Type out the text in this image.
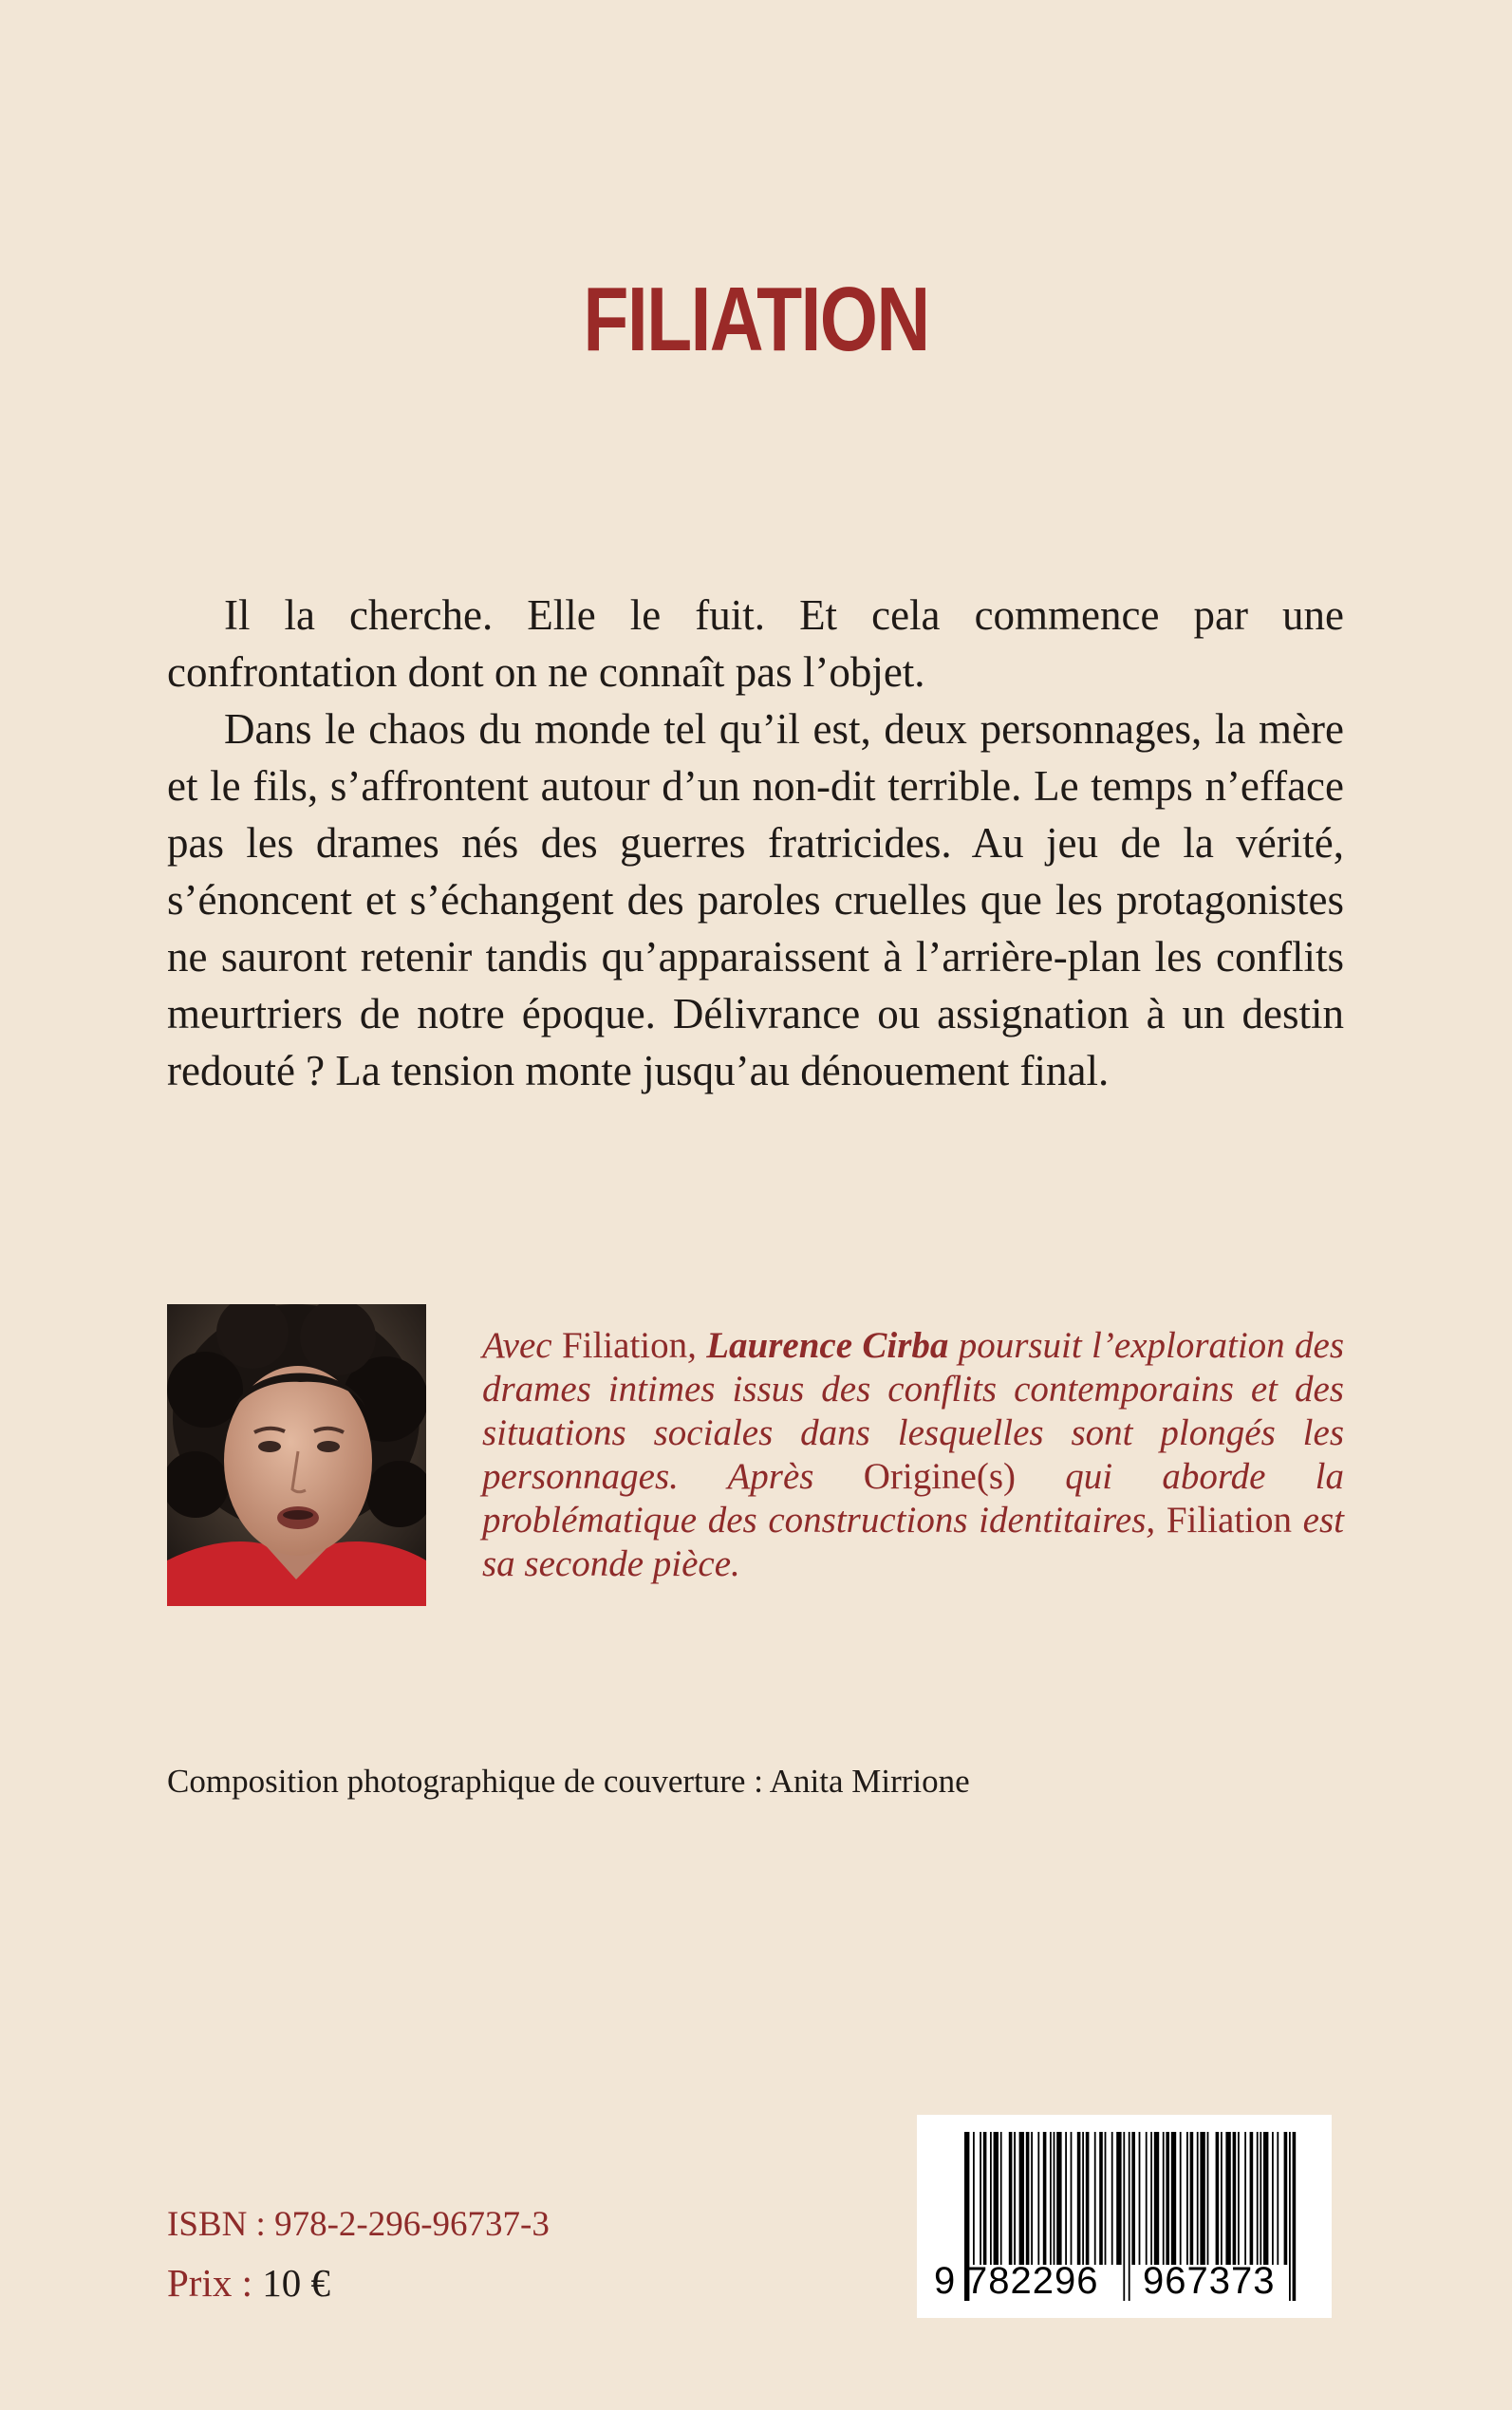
FILIATION

Il la cherche. Elle le fuit. Et cela commence par une confrontation dont on ne connaît pas l’objet.

Dans le chaos du monde tel qu’il est, deux personnages, la mère et le fils, s’affrontent autour d’un non-dit terrible. Le temps n’efface pas les drames nés des guerres fratricides. Au jeu de la vérité, s’énoncent et s’échangent des paroles cruelles que les protagonistes ne sauront retenir tandis qu’apparaissent à l’arrière-plan les conflits meurtriers de notre époque. Délivrance ou assignation à un destin redouté ? La tension monte jusqu’au dénouement final.

Avec Filiation, Laurence Cirba poursuit l’exploration des drames intimes issus des conflits contemporains et des situations sociales dans lesquelles sont plongés les personnages. Après Origine(s) qui aborde la problématique des constructions identitaires, Filiation est sa seconde pièce.
Composition photographique de couverture : Anita Mirrione
ISBN : 978-2-296-96737-3
Prix : 10 €	9 782296 967373
